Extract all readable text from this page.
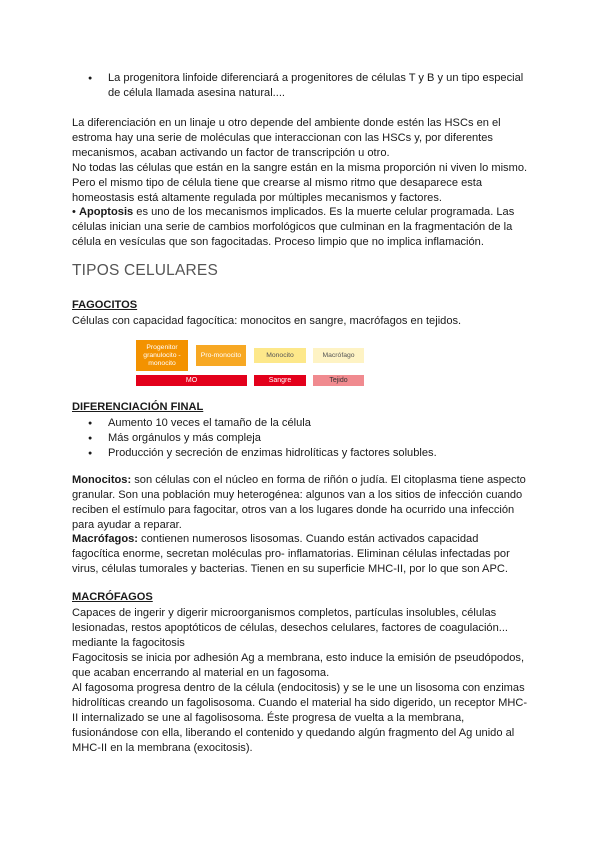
● La progenitora linfoide diferenciará a progenitores de células T y B y un tipo especial de célula llamada asesina natural....

La diferenciación en un linaje u otro depende del ambiente donde estén las HSCs en el estroma hay una serie de moléculas que interaccionan con las HSCs y, por diferentes mecanismos, acaban activando un factor de transcripción u otro.

No todas las células que están en la sangre están en la misma proporción ni viven lo mismo. Pero el mismo tipo de célula tiene que crearse al mismo ritmo que desaparece esta homeostasis está altamente regulada por múltiples mecanismos y factores.

• Apoptosis es uno de los mecanismos implicados. Es la muerte celular programada. Las células inician una serie de cambios morfológicos que culminan en la fragmentación de la célula en vesículas que son fagocitadas. Proceso limpio que no implica inflamación.

TIPOS CELULARES
FAGOCITOS

Células con capacidad fagocítica: monocitos en sangre, macrófagos en tejidos.

Progenitor granulocito -monocito
Pro-monocito	Monocito	Macrófago
MO	Sangre	Tejido
DIFERENCIACIÓN FINAL
● Aumento 10 veces el tamaño de la célula
● Más orgánulos y más compleja
● Producción y secreción de enzimas hidrolíticas y factores solubles.

Monocitos: son células con el núcleo en forma de riñón o judía. El citoplasma tiene aspecto granular. Son una población muy heterogénea: algunos van a los sitios de infección cuando reciben el estímulo para fagocitar, otros van a los lugares donde ha ocurrido una infección para ayudar a reparar.

Macrófagos: contienen numerosos lisosomas. Cuando están activados capacidad fagocítica enorme, secretan moléculas pro- inflamatorias. Eliminan células infectadas por virus, células tumorales y bacterias. Tienen en su superficie MHC-II, por lo que son APC.

MACRÓFAGOS

Capaces de ingerir y digerir microorganismos completos, partículas insolubles, células lesionadas, restos apoptóticos de células, desechos celulares, factores de coagulación... mediante la fagocitosis

Fagocitosis se inicia por adhesión Ag a membrana, esto induce la emisión de pseudópodos, que acaban encerrando al material en un fagosoma.

Al fagosoma progresa dentro de la célula (endocitosis) y se le une un lisosoma con enzimas hidrolíticas creando un fagolisosoma. Cuando el material ha sido digerido, un receptor MHC-II internalizado se une al fagolisosoma. Éste progresa de vuelta a la membrana, fusionándose con ella, liberando el contenido y quedando algún fragmento del Ag unido al MHC-II en la membrana (exocitosis).
